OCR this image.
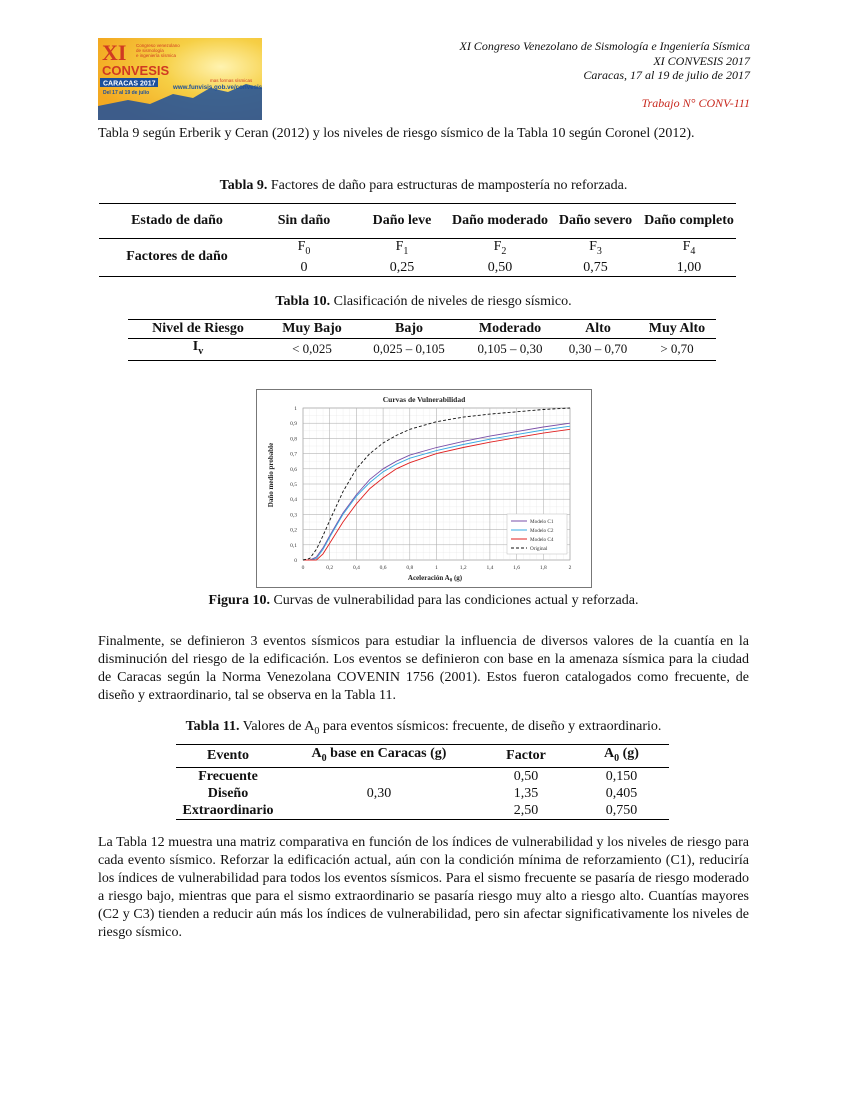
XI
CONVESIS
Congreso venezolano
de sismología
e ingeniería sísmica
CARACAS 2017
Del 17 al 19 de julio
mas formas sísmicas
www.funvisis.gob.ve/convesis
XI Congreso Venezolano de Sismología e Ingeniería Sísmica
XI CONVESIS 2017
Caracas, 17 al 19 de julio de 2017
Trabajo N° CONV-111
Tabla 9 según Erberik y Ceran (2012) y los niveles de riesgo sísmico de la Tabla 10 según Coronel (2012).
Tabla 9. Factores de daño para estructuras de mampostería no reforzada.
Estado de daño	Sin daño	Daño leve	Daño moderado	Daño severo	Daño completo
Factores de daño	$F_0$	$F_1$	$F_2$	$F_3$	$F_4$
	0	0,25	0,50	0,75	1,00
Tabla 10. Clasificación de niveles de riesgo sísmico.
Nivel de Riesgo	Muy Bajo	Bajo	Moderado	Alto	Muy Alto
$I_v$	< 0,025	0,025 – 0,105	0,105 – 0,30	0,30 – 0,70	> 0,70
0	0,2	0,4	0,6	0,8	1	1,2	1,4	1,6	1,8	2
0
0,1
0,2
0,3
0,4
0,5
0,6
0,7
0,8
0,9
1
Curvas de Vulnerabilidad
Aceleración $A_0$ (g)
Daño medio probable
Modelo C1
Modelo C2
Modelo C4
Original
Figura 10. Curvas de vulnerabilidad para las condiciones actual y reforzada.
Finalmente, se definieron 3 eventos sísmicos para estudiar la influencia de diversos valores de la cuantía en la disminución del riesgo de la edificación. Los eventos se definieron con base en la amenaza sísmica para la ciudad de Caracas según la Norma Venezolana COVENIN 1756 (2001). Estos fueron catalogados como frecuente, de diseño y extraordinario, tal se observa en la Tabla 11.
Tabla 11. Valores de $A_0$ para eventos sísmicos: frecuente, de diseño y extraordinario.
Evento	$A_0$ base en Caracas (g)	Factor	$A_0$ (g)
Frecuente	0,30	0,50	0,150
Diseño		1,35	0,405
Extraordinario		2,50	0,750
La Tabla 12 muestra una matriz comparativa en función de los índices de vulnerabilidad y los niveles de riesgo para cada evento sísmico. Reforzar la edificación actual, aún con la condición mínima de reforzamiento (C1), reduciría los índices de vulnerabilidad para todos los eventos sísmicos. Para el sismo frecuente se pasaría de riesgo moderado a riesgo bajo, mientras que para el sismo extraordinario se pasaría riesgo muy alto a riesgo alto. Cuantías mayores (C2 y C3) tienden a reducir aún más los índices de vulnerabilidad, pero sin afectar significativamente los niveles de riesgo sísmico.
